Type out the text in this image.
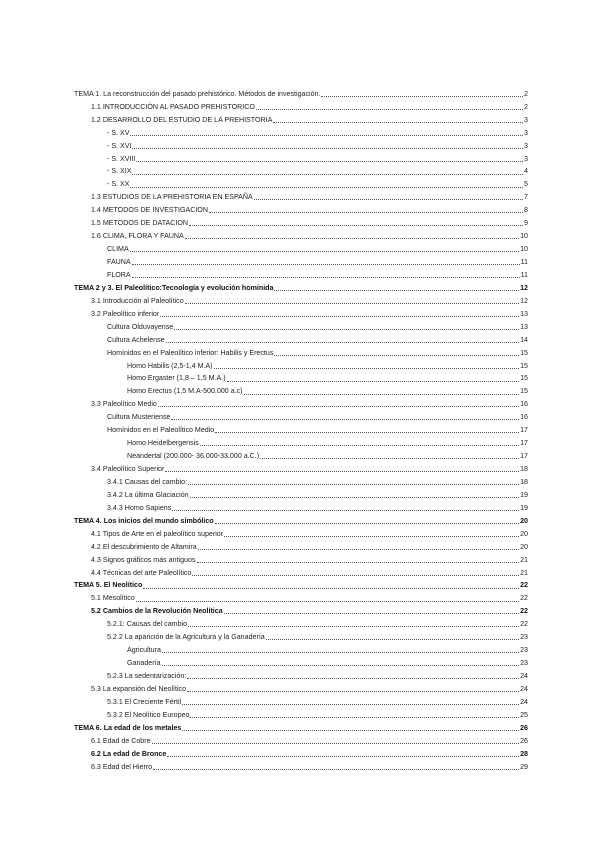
TEMA 1. La reconstrucción del pasado prehistórico. Métodos de investigación.	2
1.1 INTRODUCCIÓN AL PASADO PREHISTORICO	2
1.2 DESARROLLO DEL ESTUDIO DE LA PREHISTORIA	3
- S. XV	3
- S. XVI	3
- S. XVIII	3
- S. XIX	4
- S. XX	5
1.3 ESTUDIOS DE LA PREHISTORIA EN ESPAÑA	7
1.4 METODOS DE INVESTIGACION	8
1.5 METODOS DE DATACION	9
1.6 CLIMA, FLORA Y FAUNA	10
CLIMA	10
FAUNA	11
FLORA	11
TEMA 2 y 3. El Paleolítico:Tecnología y evolución homínida	12
3.1 Introducción al Paleolítico	12
3.2 Paleolítico inferior	13
Cultura Olduvayense	13
Cultura Achelense	14
Homínidos en el Paleolítico inferior: Habilis y Erectus	15
Homo Habilis (2,5-1,4 M.A)	15
Homo Ergaster (1,8 – 1,5 M.A.)	15
Homo Erectus (1,5 M.A-500.000 a.c)	15
3.3 Paleolítico Medio	16
Cultura Musteriense	16
Homínidos en el Paleolítico Medio	17
Homo Heidelbergensis	17
Neandertal (200.000- 36.000-33.000 a.C.)	17
3.4 Paleolítico Superior	18
3.4.1 Causas del cambio:	18
3.4.2 La última Glaciación	19
3.4.3 Homo Sapiens	19
TEMA 4. Los inicios del mundo simbólico	20
4.1 Tipos de Arte en el paleolítico superior	20
4.2 El descubrimiento de Altamira	20
4.3 Signos gráficos más antiguos	21
4.4 Técnicas del arte Paleolítico	21
TEMA 5. El Neolítico	22
5.1 Mesolítico	22
5.2 Cambios de la Revolución Neolítica	22
5.2.1: Causas del cambio	22
5.2.2 La aparición de la Agricultura y la Ganadería	23
Agricultura	23
Ganadería	23
5.2.3 La sedentarización:	24
5.3 La expansión del Neolítico	24
5.3.1 El Creciente Fértil	24
5.3.2 El Neolítico Europeo	25
TEMA 6. La edad de los metales	26
6.1 Edad de Cobre	26
6.2 La edad de Bronce	28
6.3 Edad del Hierro	29
